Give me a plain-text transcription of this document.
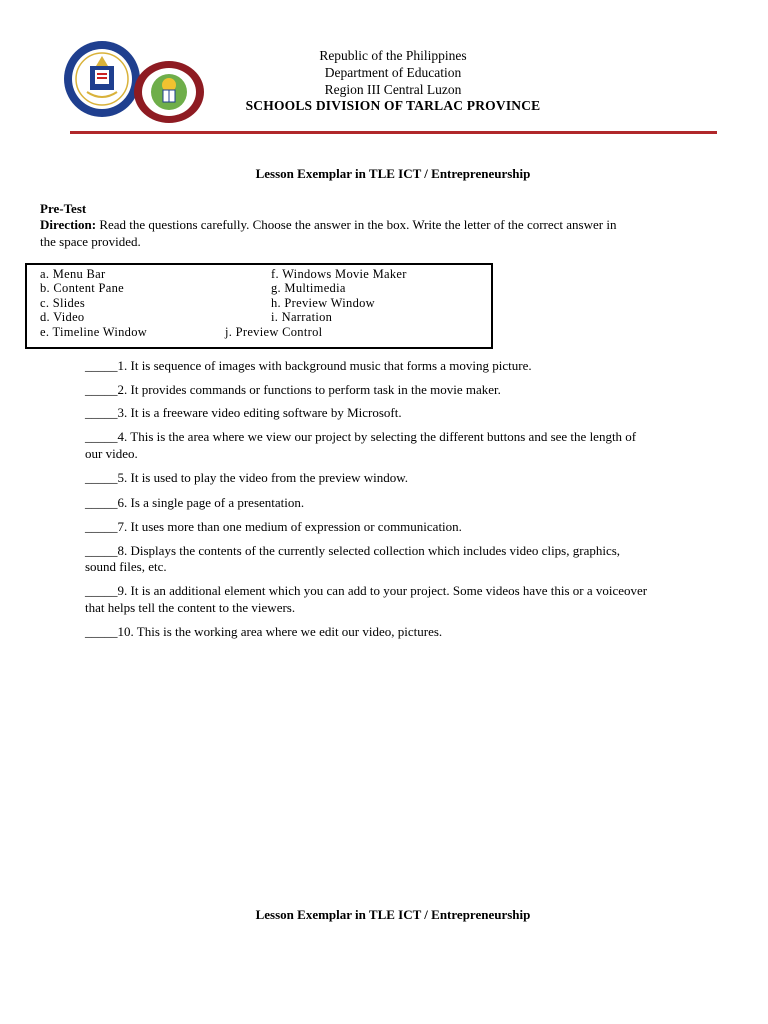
Republic of the Philippines
Department of Education
Region III Central Luzon
SCHOOLS DIVISION OF TARLAC PROVINCE
Lesson Exemplar in TLE ICT / Entrepreneurship
Pre-Test
Direction: Read the questions carefully. Choose the answer in the box. Write the letter of the correct answer in
the space provided.
a. Menu Bar
b. Content Pane
c. Slides
d. Video
e. Timeline Window
f. Windows Movie Maker
g. Multimedia
h. Preview Window
i. Narration
j. Preview Control
_____1. It is sequence of images with background music that forms a moving picture.
_____2. It provides commands or functions to perform task in the movie maker.
_____3. It is a freeware video editing software by Microsoft.
_____4. This is the area where we view our project by selecting the different buttons and see the length of
our video.
_____5. It is used to play the video from the preview window.
_____6. Is a single page of a presentation.
_____7. It uses more than one medium of expression or communication.
_____8. Displays the contents of the currently selected collection which includes video clips, graphics,
sound files, etc.
_____9. It is an additional element which you can add to your project. Some videos have this or a voiceover
that helps tell the content to the viewers.
_____10. This is the working area where we edit our video, pictures.
Lesson Exemplar in TLE ICT / Entrepreneurship
